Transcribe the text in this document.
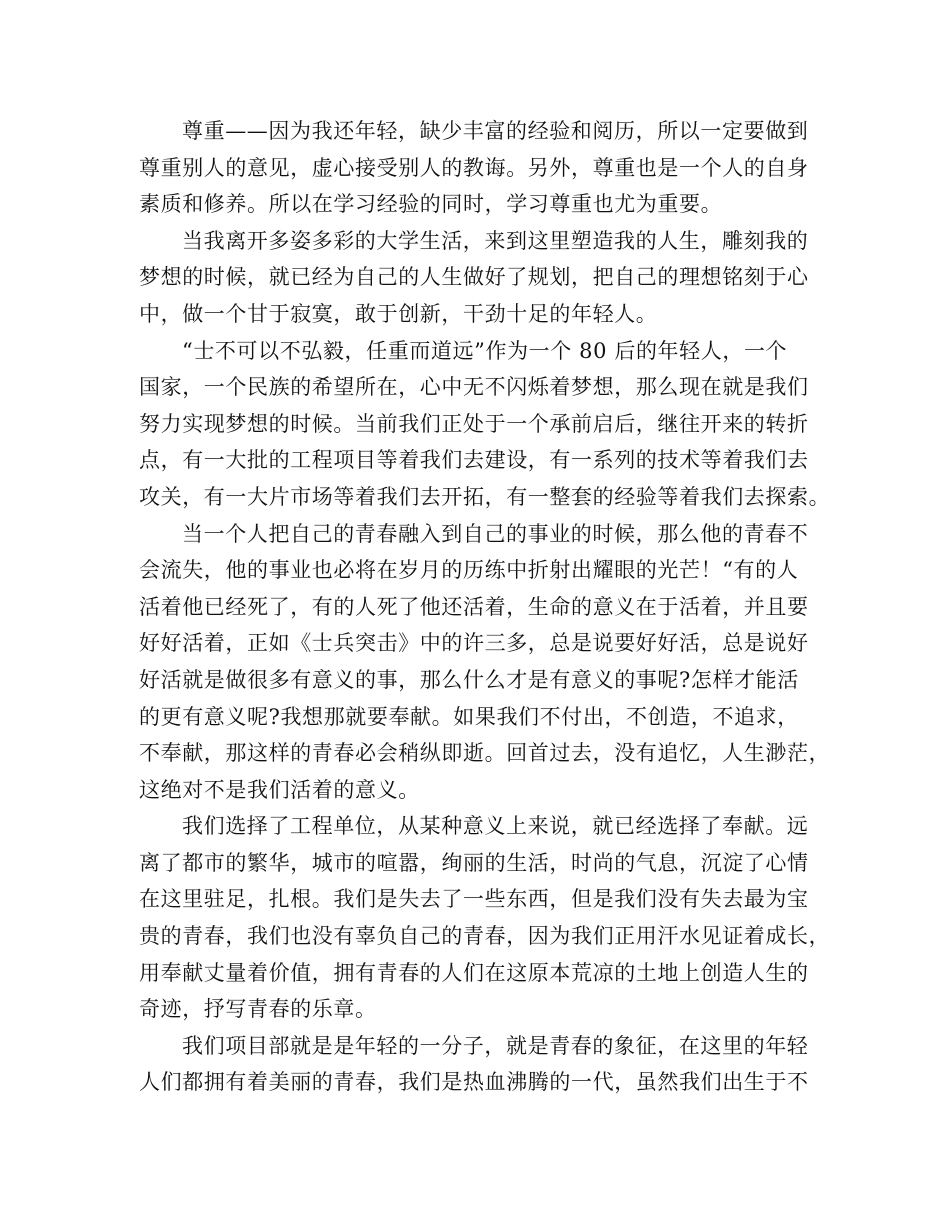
尊重——因为我还年轻，缺少丰富的经验和阅历，所以一定要做到
尊重别人的意见，虚心接受别人的教诲。另外，尊重也是一个人的自身
素质和修养。所以在学习经验的同时，学习尊重也尤为重要。
当我离开多姿多彩的大学生活，来到这里塑造我的人生，雕刻我的
梦想的时候，就已经为自己的人生做好了规划，把自己的理想铭刻于心
中，做一个甘于寂寞，敢于创新，干劲十足的年轻人。
“士不可以不弘毅，任重而道远”作为一个 80 后的年轻人，一个
国家，一个民族的希望所在，心中无不闪烁着梦想，那么现在就是我们
努力实现梦想的时候。当前我们正处于一个承前启后，继往开来的转折
点，有一大批的工程项目等着我们去建设，有一系列的技术等着我们去
攻关，有一大片市场等着我们去开拓，有一整套的经验等着我们去探索。
当一个人把自己的青春融入到自己的事业的时候，那么他的青春不
会流失，他的事业也必将在岁月的历练中折射出耀眼的光芒！“有的人
活着他已经死了，有的人死了他还活着，生命的意义在于活着，并且要
好好活着，正如《士兵突击》中的许三多，总是说要好好活，总是说好
好活就是做很多有意义的事，那么什么才是有意义的事呢?怎样才能活
的更有意义呢?我想那就要奉献。如果我们不付出，不创造，不追求，
不奉献，那这样的青春必会稍纵即逝。回首过去，没有追忆，人生渺茫，
这绝对不是我们活着的意义。
我们选择了工程单位，从某种意义上来说，就已经选择了奉献。远
离了都市的繁华，城市的喧嚣，绚丽的生活，时尚的气息，沉淀了心情
在这里驻足，扎根。我们是失去了一些东西，但是我们没有失去最为宝
贵的青春，我们也没有辜负自己的青春，因为我们正用汗水见证着成长，
用奉献丈量着价值，拥有青春的人们在这原本荒凉的土地上创造人生的
奇迹，抒写青春的乐章。
我们项目部就是是年轻的一分子，就是青春的象征，在这里的年轻
人们都拥有着美丽的青春，我们是热血沸腾的一代，虽然我们出生于不
